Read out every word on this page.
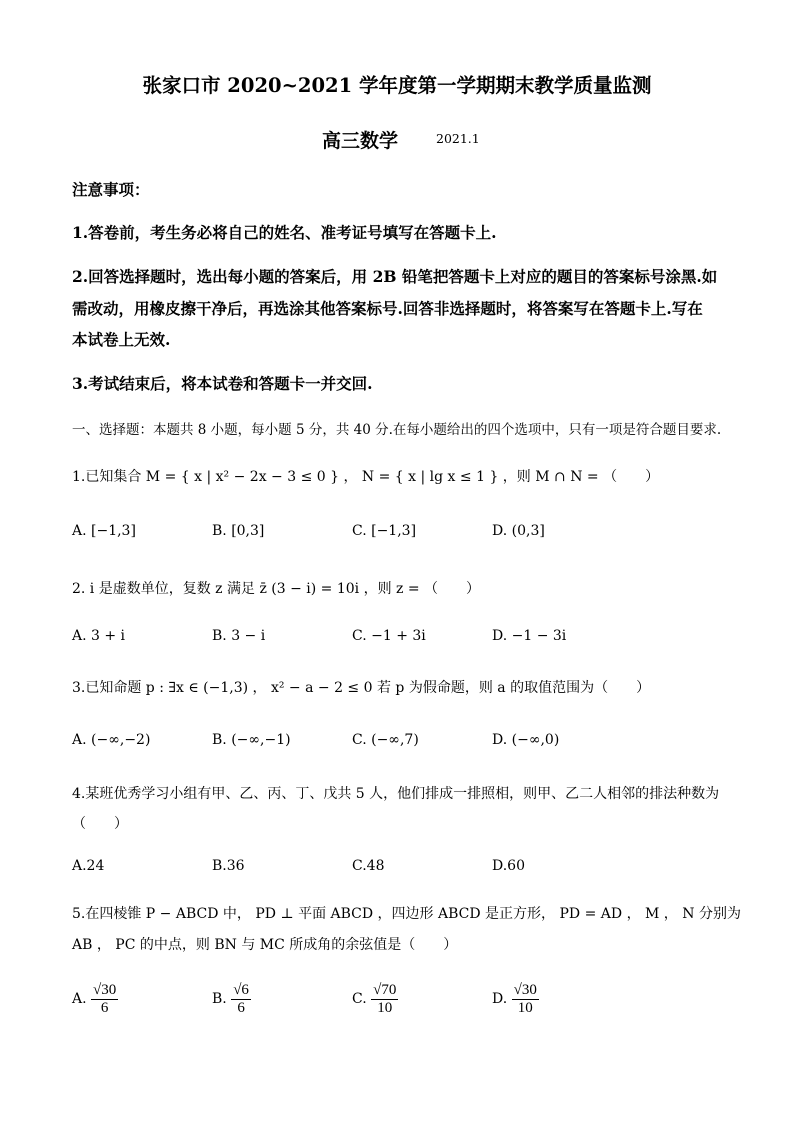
张家口市 2020~2021 学年度第一学期期末教学质量监测
高三数学	2021.1
注意事项：
1.答卷前，考生务必将自己的姓名、准考证号填写在答题卡上.
2.回答选择题时，选出每小题的答案后，用 2B 铅笔把答题卡上对应的题目的答案标号涂黑.如
需改动，用橡皮擦干净后，再选涂其他答案标号.回答非选择题时，将答案写在答题卡上.写在
本试卷上无效.
3.考试结束后，将本试卷和答题卡一并交回.
一、选择题：本题共 8 小题，每小题 5 分，共 40 分.在每小题给出的四个选项中，只有一项是符合题目要求.
1.已知集合 M = { x | x² − 2x − 3 ≤ 0 } ， N = { x | lg x ≤ 1 } ，则 M ∩ N = （　　）
A. [−1,3]	B. [0,3]	C. [−1,3]	D. (0,3]
2. i 是虚数单位，复数 z 满足 z̄ (3 − i) = 10i ，则 z = （　　）
A. 3 + i	B. 3 − i	C. −1 + 3i	D. −1 − 3i
3.已知命题 p : ∃x ∈ (−1,3) ， x² − a − 2 ≤ 0 若 p 为假命题，则 a 的取值范围为（　　）
A. (−∞,−2)	B. (−∞,−1)	C. (−∞,7)	D. (−∞,0)
4.某班优秀学习小组有甲、乙、丙、丁、戊共 5 人，他们排成一排照相，则甲、乙二人相邻的排法种数为
（　　）
A.24	B.36	C.48	D.60
5.在四棱锥 P − ABCD 中， PD ⊥ 平面 ABCD ，四边形 ABCD 是正方形， PD = AD ， M ， N 分别为
AB ， PC 的中点，则 BN 与 MC 所成角的余弦值是（　　）
A. $\frac{√30}{6}$	B. $\frac{√6}{6}$	C. $\frac{√70}{10}$	D. $\frac{√30}{10}$
